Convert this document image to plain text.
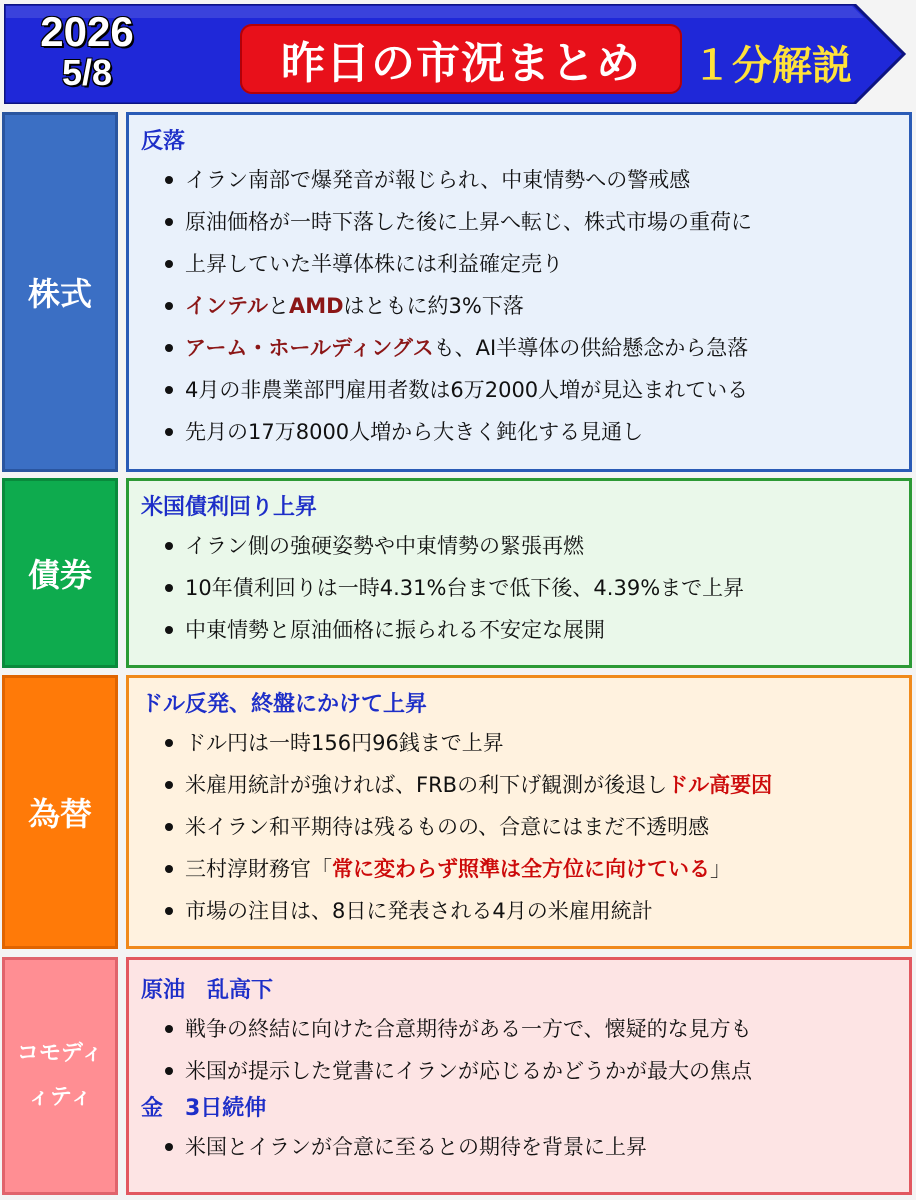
2026
5/8	昨日の市況まとめ	１分解説
株式
反落
イラン南部で爆発音が報じられ、中東情勢への警戒感
原油価格が一時下落した後に上昇へ転じ、株式市場の重荷に
上昇していた半導体株には利益確定売り
インテルとAMDはともに約3%下落
アーム・ホールディングスも、AI半導体の供給懸念から急落
4月の非農業部門雇用者数は6万2000人増が見込まれている
先月の17万8000人増から大きく鈍化する見通し
債券
米国債利回り上昇
イラン側の強硬姿勢や中東情勢の緊張再燃
10年債利回りは一時4.31%台まで低下後、4.39%まで上昇
中東情勢と原油価格に振られる不安定な展開
為替
ドル反発、終盤にかけて上昇
ドル円は一時156円96銭まで上昇
米雇用統計が強ければ、FRBの利下げ観測が後退しドル高要因
米イラン和平期待は残るものの、合意にはまだ不透明感
三村淳財務官「常に変わらず照準は全方位に向けている」
市場の注目は、8日に発表される4月の米雇用統計
コモディ
ィティ
原油　乱高下
戦争の終結に向けた合意期待がある一方で、懐疑的な見方も
米国が提示した覚書にイランが応じるかどうかが最大の焦点
金　3日続伸
米国とイランが合意に至るとの期待を背景に上昇
